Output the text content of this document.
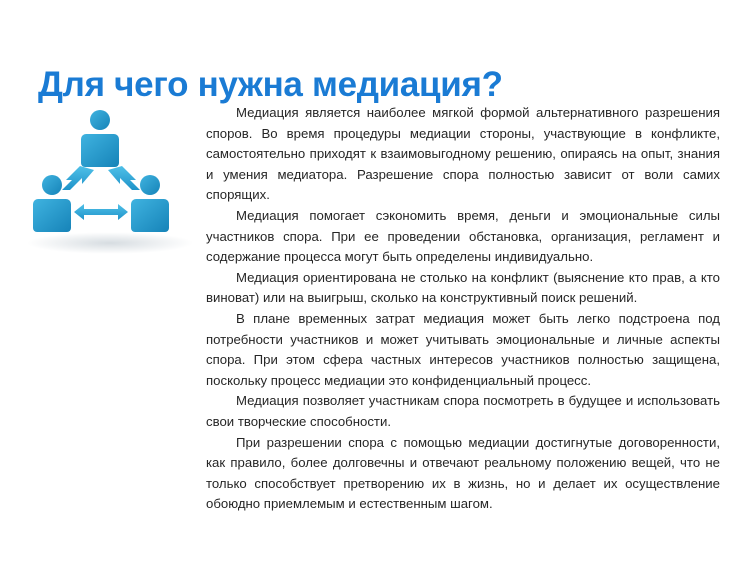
Для чего нужна медиация?

Медиация является наиболее мягкой формой альтернативного разрешения споров. Во время процедуры медиации стороны, участвующие в конфликте, самостоятельно приходят к взаимовыгодному решению, опираясь на опыт, знания и умения медиатора. Разрешение спора полностью зависит от воли самих спорящих.

Медиация помогает сэкономить время, деньги и эмоциональные силы участников спора. При ее проведении обстановка, организация, регламент и содержание процесса могут быть определены индивидуально.

Медиация ориентирована не столько на конфликт (выяснение кто прав, а кто виноват) или на выигрыш, сколько на конструктивный поиск решений.

В плане временных затрат медиация может быть легко подстроена под потребности участников и может учитывать эмоциональные и личные аспекты спора. При этом сфера частных интересов участников полностью защищена, поскольку процесс медиации это конфиденциальный процесс.

Медиация позволяет участникам спора посмотреть в будущее и использовать свои творческие способности.

При разрешении спора с помощью медиации достигнутые договоренности, как правило, более долговечны и отвечают реальному положению вещей, что не только способствует претворению их в жизнь, но и делает их осуществление обоюдно приемлемым и естественным шагом.
